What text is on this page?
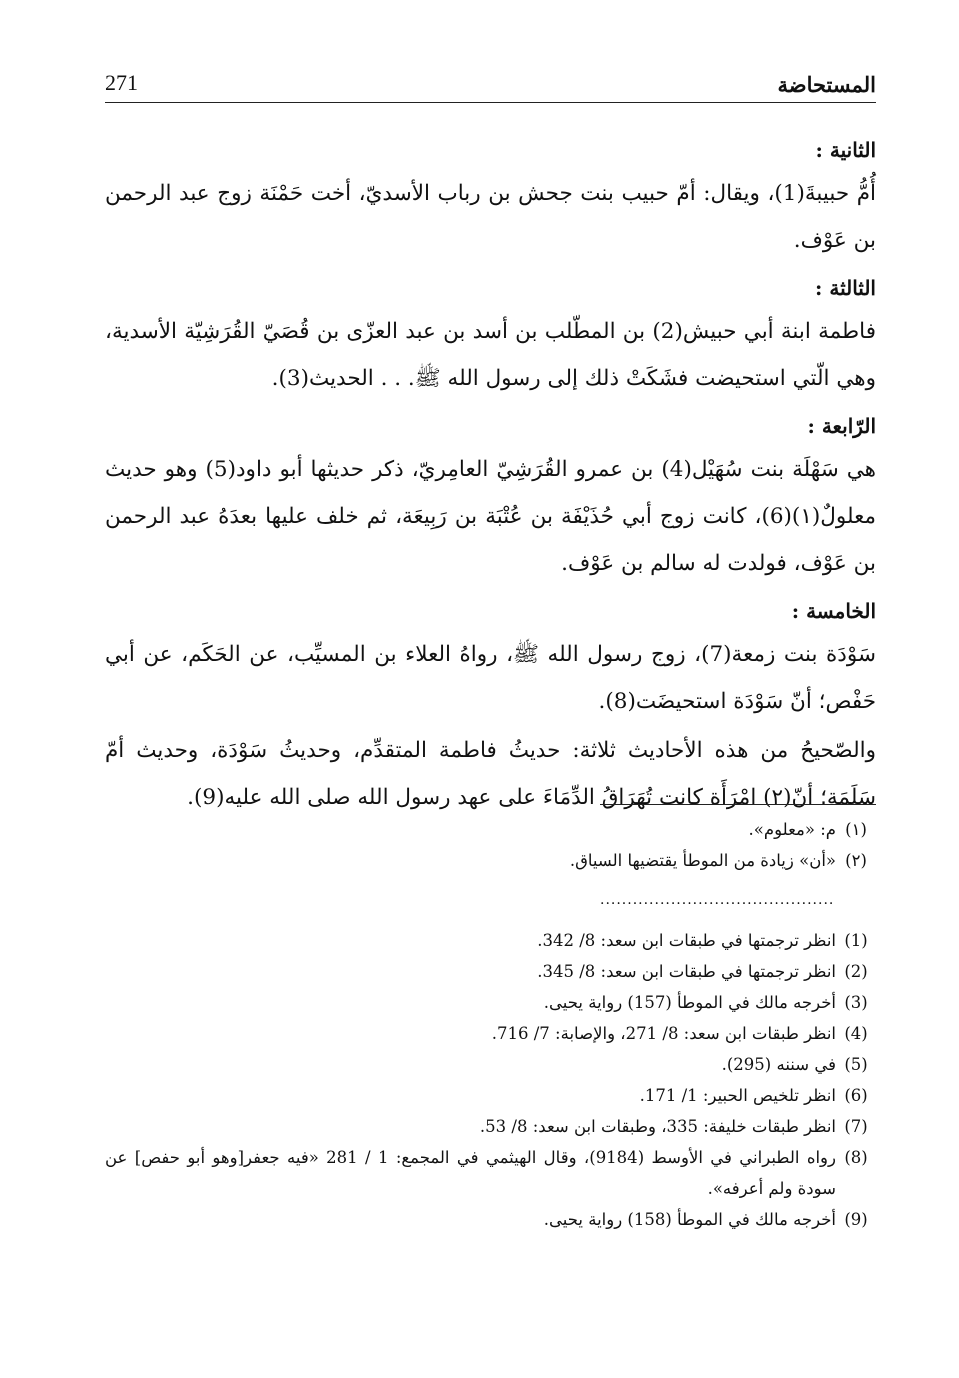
المستحاضة
271
الثانية :
أُمُّ حبيبةَ(1)، ويقال: أمّ حبيب بنت جحش بن رباب الأسديّ، أخت حَمْنَة زوج عبد الرحمن بن عَوْف.
الثالثة :
فاطمة ابنة أبي حبيش(2) بن المطّلب بن أسد بن عبد العزّى بن قُصَيّ القُرَشِيّة الأسدية، وهي الّتي استحيضت فشَكَتْ ذلك إلى رسول الله ﷺ. . . الحديث(3).
الرّابعة :
هي سَهْلَة بنت سُهَيْل(4) بن عمرو القُرَشِيّ العامِريّ، ذكر حديثها أبو داود(5) وهو حديث معلولٌ(١)(6)، كانت زوج أبي حُذَيْفَة بن عُتْبَة بن رَبِيعَة، ثم خلف عليها بعدَهُ عبد الرحمن بن عَوْف، فولدت له سالم بن عَوْف.
الخامسة :
سَوْدَة بنت زمعة(7)، زوج رسول الله ﷺ، رواهُ العلاء بن المسيِّب، عن الحَكَم، عن أبي حَفْص؛ أنّ سَوْدَة استحيضَت(8).
والصّحيحُ من هذه الأحاديث ثلاثة: حديثُ فاطمة المتقدِّم، وحديثُ سَوْدَة، وحديث أمّ سَلَمَة؛ أنّ(٢) امْرَأَة كانت تُهَرَاقُ الدِّمَاءَ على عهد رسول الله صلى الله عليه(9).
(١)
م: «معلوم».
(٢)
«أن» زيادة من الموطأ يقتضيها السياق.
...........................................
(1)
انظر ترجمتها في طبقات ابن سعد: 8/ 342.
(2)
انظر ترجمتها في طبقات ابن سعد: 8/ 345.
(3)
أخرجه مالك في الموطأ (157) رواية يحيى.
(4)
انظر طبقات ابن سعد: 8/ 271، والإصابة: 7/ 716.
(5)
في سننه (295).
(6)
انظر تلخيص الحبير: 1/ 171.
(7)
انظر طبقات خليفة: 335، وطبقات ابن سعد: 8/ 53.
(8)
رواه الطبراني في الأوسط (9184)، وقال الهيثمي في المجمع: 1 / 281 «فيه جعفر[وهو أبو حفص] عن سودة ولم أعرفه».
(9)
أخرجه مالك في الموطأ (158) رواية يحيى.
